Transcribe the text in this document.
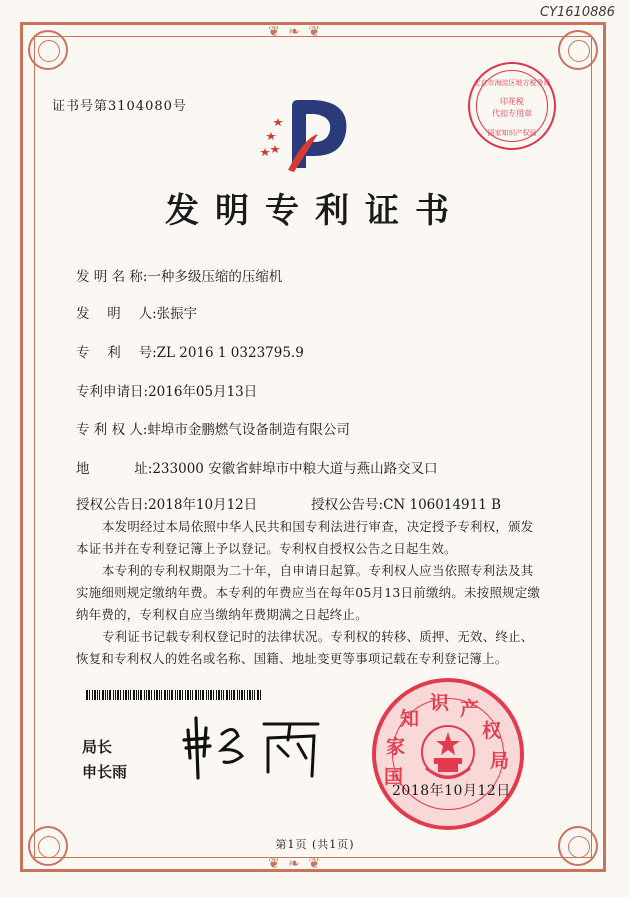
❦ ❧ ❦
❦ ❧ ❦
CY1610886
证书号第3104080号
发明专利证书
发 明 名 称:一种多级压缩的压缩机
发　 明　 人:张振宇
专　 利　 号:ZL 2016 1 0323795.9
专利申请日:2016年05月13日
专 利 权 人:蚌埠市金鹏燃气设备制造有限公司
地　　　 址:233000 安徽省蚌埠市中粮大道与燕山路交叉口
授权公告日:2018年10月12日	授权公告号:CN 106014911 B
本发明经过本局依照中华人民共和国专利法进行审查，决定授予专利权，颁发本证书并在专利登记簿上予以登记。专利权自授权公告之日起生效。
本专利的专利权期限为二十年，自申请日起算。专利权人应当依照专利法及其实施细则规定缴纳年费。本专利的年费应当在每年05月13日前缴纳。未按照规定缴纳年费的，专利权自应当缴纳年费期满之日起终止。
专利证书记载专利权登记时的法律状况。专利权的转移、质押、无效、终止、恢复和专利权人的姓名或名称、国籍、地址变更等事项记载在专利登记簿上。
局长
申长雨
北京市海淀区地方税务局
印花税
代扣专用章
国家知识产权局
国
家
知
识 产
权
局
2018年10月12日
第1页 (共1页)
